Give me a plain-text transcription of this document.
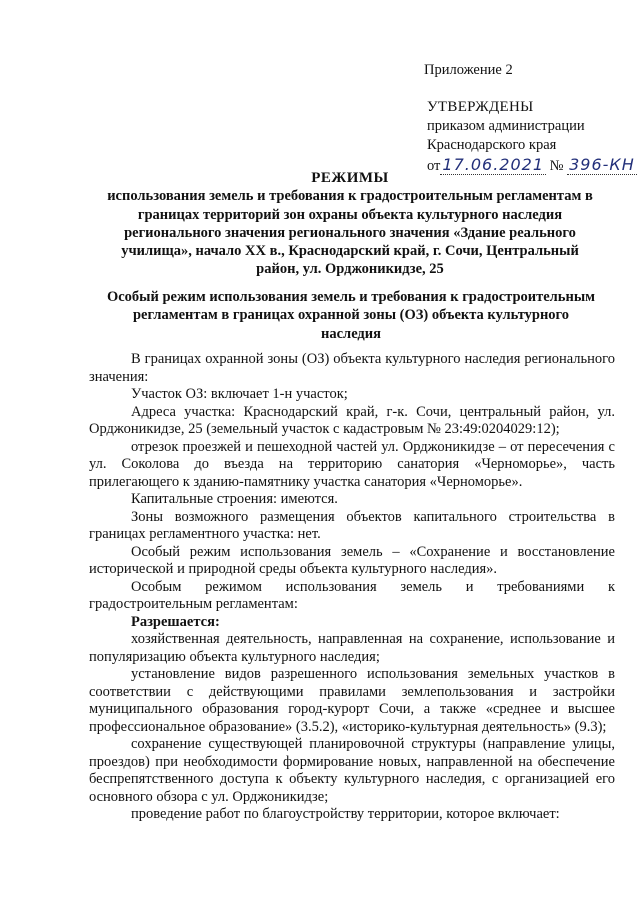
Приложение 2
УТВЕРЖДЕНЫ
приказом администрации
Краснодарского края
от 17.06.2021 № 396-КН
РЕЖИМЫ
использования земель и требования к градостроительным регламентам в
границах территорий зон охраны объекта культурного наследия
регионального значения регионального значения «Здание реального
училища», начало XX в., Краснодарский край, г. Сочи, Центральный
район, ул. Орджоникидзе, 25
Особый режим использования земель и требования к градостроительным
регламентам в границах охранной зоны (ОЗ) объекта культурного
наследия

В границах охранной зоны (ОЗ) объекта культурного наследия регионального значения:

Участок ОЗ: включает 1-н участок;

Адреса участка: Краснодарский край, г-к. Сочи, центральный район, ул. Орджоникидзе, 25 (земельный участок с кадастровым № 23:49:0204029:12);

отрезок проезжей и пешеходной частей ул. Орджоникидзе – от пересечения с ул. Соколова до въезда на территорию санатория «Черноморье», часть прилегающего к зданию-памятнику участка санатория «Черноморье».

Капитальные строения: имеются.

Зоны возможного размещения объектов капитального строительства в границах регламентного участка: нет.

Особый режим использования земель – «Сохранение и восстановление исторической и природной среды объекта культурного наследия».

Особым режимом использования земель и требованиями к градостроительным регламентам:

Разрешается:

хозяйственная деятельность, направленная на сохранение, использование и популяризацию объекта культурного наследия;

установление видов разрешенного использования земельных участков в соответствии с действующими правилами землепользования и застройки муниципального образования город-курорт Сочи, а также «среднее и высшее профессиональное образование» (3.5.2), «историко-культурная деятельность» (9.3);

сохранение существующей планировочной структуры (направление улицы, проездов) при необходимости формирование новых, направленной на обеспечение беспрепятственного доступа к объекту культурного наследия, с организацией его основного обзора с ул. Орджоникидзе;

проведение работ по благоустройству территории, которое включает:
